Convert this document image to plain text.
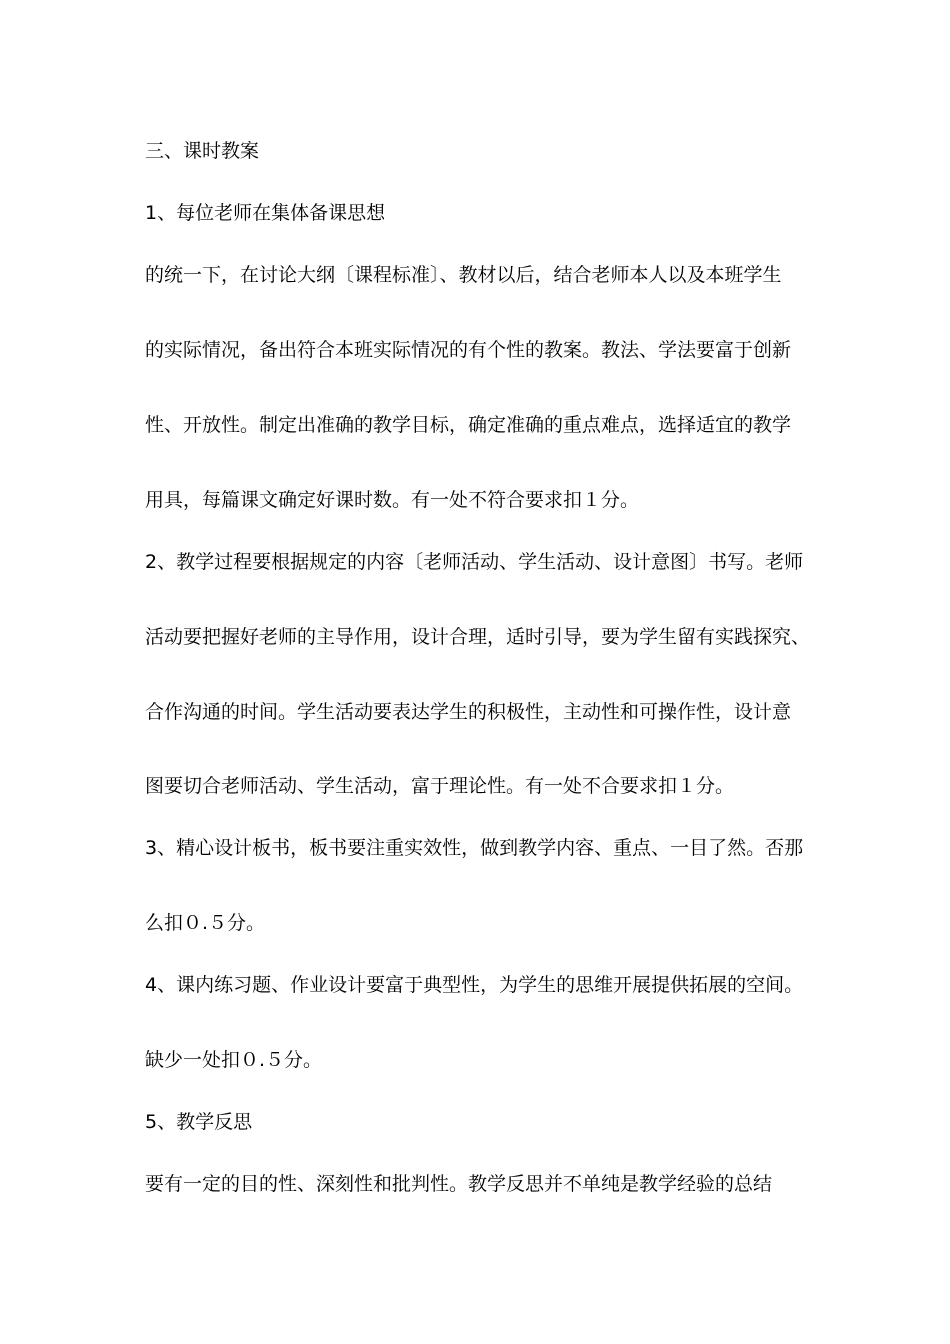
三、课时教案
1、每位老师在集体备课思想
的统一下，在讨论大纲〔课程标准〕、教材以后，结合老师本人以及本班学生
的实际情况，备出符合本班实际情况的有个性的教案。教法、学法要富于创新
性、开放性。制定出准确的教学目标，确定准确的重点难点，选择适宜的教学
用具，每篇课文确定好课时数。有一处不符合要求扣１分。
2、教学过程要根据规定的内容〔老师活动、学生活动、设计意图〕书写。老师
活动要把握好老师的主导作用，设计合理，适时引导，要为学生留有实践探究、
合作沟通的时间。学生活动要表达学生的积极性，主动性和可操作性，设计意
图要切合老师活动、学生活动，富于理论性。有一处不合要求扣１分。
3、精心设计板书，板书要注重实效性，做到教学内容、重点、一目了然。否那
么扣０.５分。
4、课内练习题、作业设计要富于典型性，为学生的思维开展提供拓展的空间。
缺少一处扣０.５分。
5、教学反思
要有一定的目的性、深刻性和批判性。教学反思并不单纯是教学经验的总结
